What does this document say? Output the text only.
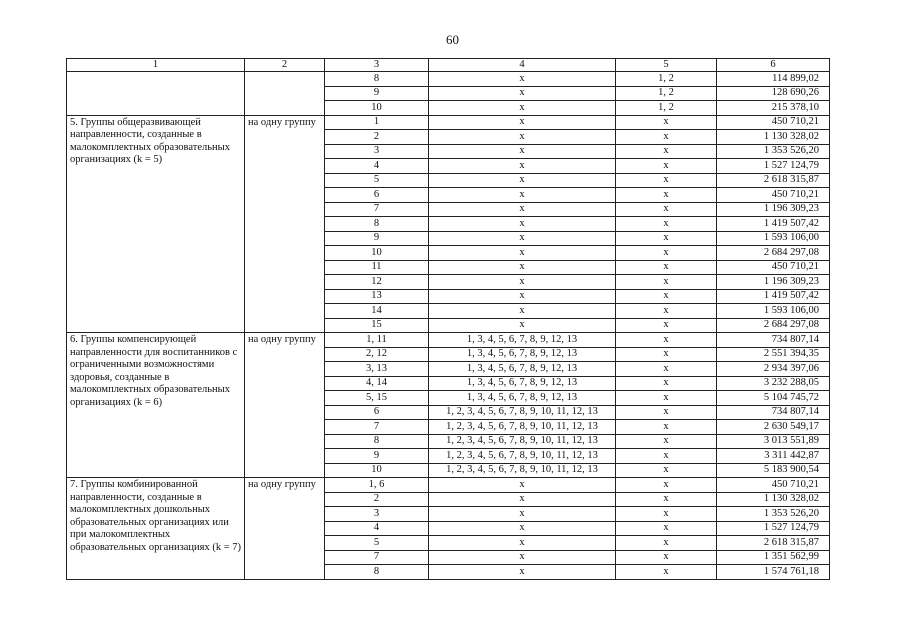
60
1	2	3	4	5	6
		8	х	1, 2	114 899,02
		9	х	1, 2	128 690,26
		10	х	1, 2	215 378,10
5. Группы общеразвивающей направленности, созданные в малокомплектных образовательных организациях (k = 5)	на одну группу	1	х	х	450 710,21
		2	х	х	1 130 328,02
		3	х	х	1 353 526,20
		4	х	х	1 527 124,79
		5	х	х	2 618 315,87
		6	х	х	450 710,21
		7	х	х	1 196 309,23
		8	х	х	1 419 507,42
		9	х	х	1 593 106,00
		10	х	х	2 684 297,08
		11	х	х	450 710,21
		12	х	х	1 196 309,23
		13	х	х	1 419 507,42
		14	х	х	1 593 106,00
		15	х	х	2 684 297,08
6. Группы компенсирующей направленности для воспитанников с ограниченными возможностями здоровья, созданные в малокомплектных образовательных организациях (k = 6)	на одну группу	1, 11	1, 3, 4, 5, 6, 7, 8, 9, 12, 13	х	734 807,14
		2, 12	1, 3, 4, 5, 6, 7, 8, 9, 12, 13	х	2 551 394,35
		3, 13	1, 3, 4, 5, 6, 7, 8, 9, 12, 13	х	2 934 397,06
		4, 14	1, 3, 4, 5, 6, 7, 8, 9, 12, 13	х	3 232 288,05
		5, 15	1, 3, 4, 5, 6, 7, 8, 9, 12, 13	х	5 104 745,72
		6	1, 2, 3, 4, 5, 6, 7, 8, 9, 10, 11, 12, 13	х	734 807,14
		7	1, 2, 3, 4, 5, 6, 7, 8, 9, 10, 11, 12, 13	х	2 630 549,17
		8	1, 2, 3, 4, 5, 6, 7, 8, 9, 10, 11, 12, 13	х	3 013 551,89
		9	1, 2, 3, 4, 5, 6, 7, 8, 9, 10, 11, 12, 13	х	3 311 442,87
		10	1, 2, 3, 4, 5, 6, 7, 8, 9, 10, 11, 12, 13	х	5 183 900,54
7. Группы комбинированной направленности, созданные в малокомплектных дошкольных образовательных организациях или при малокомплектных образовательных организациях (k = 7)	на одну группу	1, 6	х	х	450 710,21
		2	х	х	1 130 328,02
		3	х	х	1 353 526,20
		4	х	х	1 527 124,79
		5	х	х	2 618 315,87
		7	х	х	1 351 562,99
		8	х	х	1 574 761,18
